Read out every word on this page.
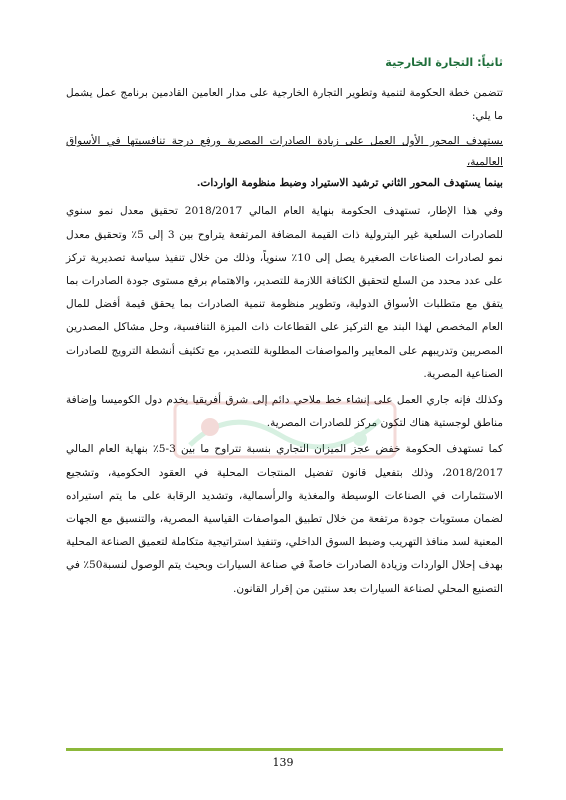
ثانياً: التجارة الخارجية

تتضمن خطة الحكومة لتنمية وتطوير التجارة الخارجية على مدار العامين القادمين برنامج عمل يشمل ما يلي:

يستهدف المحور الأول العمل على زيادة الصادرات المصرية ورفع درجة تنافسيتها في الأسواق العالمية،
بينما يستهدف المحور الثاني ترشيد الاستيراد وضبط منظومة الواردات.

وفي هذا الإطار، تستهدف الحكومة بنهاية العام المالي 2018/2017 تحقيق معدل نمو سنوي للصادرات السلعية غير البترولية ذات القيمة المضافة المرتفعة يتراوح بين 3 إلى 5٪ وتحقيق معدل نمو لصادرات الصناعات الصغيرة يصل إلى 10٪ سنوياً، وذلك من خلال تنفيذ سياسة تصديرية تركز على عدد محدد من السلع لتحقيق الكثافة اللازمة للتصدير، والاهتمام برفع مستوى جودة الصادرات بما يتفق مع متطلبات الأسواق الدولية، وتطوير منظومة تنمية الصادرات بما يحقق قيمة أفضل للمال العام المخصص لهذا البند مع التركيز على القطاعات ذات الميزة التنافسية، وحل مشاكل المصدرين المصريين وتدريبهم على المعايير والمواصفات المطلوبة للتصدير، مع تكثيف أنشطة الترويج للصادرات الصناعية المصرية.

وكذلك فإنه جاري العمل على إنشاء خط ملاحي دائم إلى شرق أفريقيا يخدم دول الكوميسا وإضافة مناطق لوجستية هناك لتكون مركز للصادرات المصرية.

كما تستهدف الحكومة خفض عجز الميزان التجاري بنسبة تتراوح ما بين 3-5٪ بنهاية العام المالي 2018/2017، وذلك بتفعيل قانون تفضيل المنتجات المحلية في العقود الحكومية، وتشجيع الاستثمارات في الصناعات الوسيطة والمغذية والرأسمالية، وتشديد الرقابة على ما يتم استيراده لضمان مستويات جودة مرتفعة من خلال تطبيق المواصفات القياسية المصرية، والتنسيق مع الجهات المعنية لسد منافذ التهريب وضبط السوق الداخلي، وتنفيذ استراتيجية متكاملة لتعميق الصناعة المحلية بهدف إحلال الواردات وزيادة الصادرات خاصةً في صناعة السيارات وبحيث يتم الوصول لنسبة50٪ في التصنيع المحلي لصناعة السيارات بعد سنتين من إقرار القانون.

139
